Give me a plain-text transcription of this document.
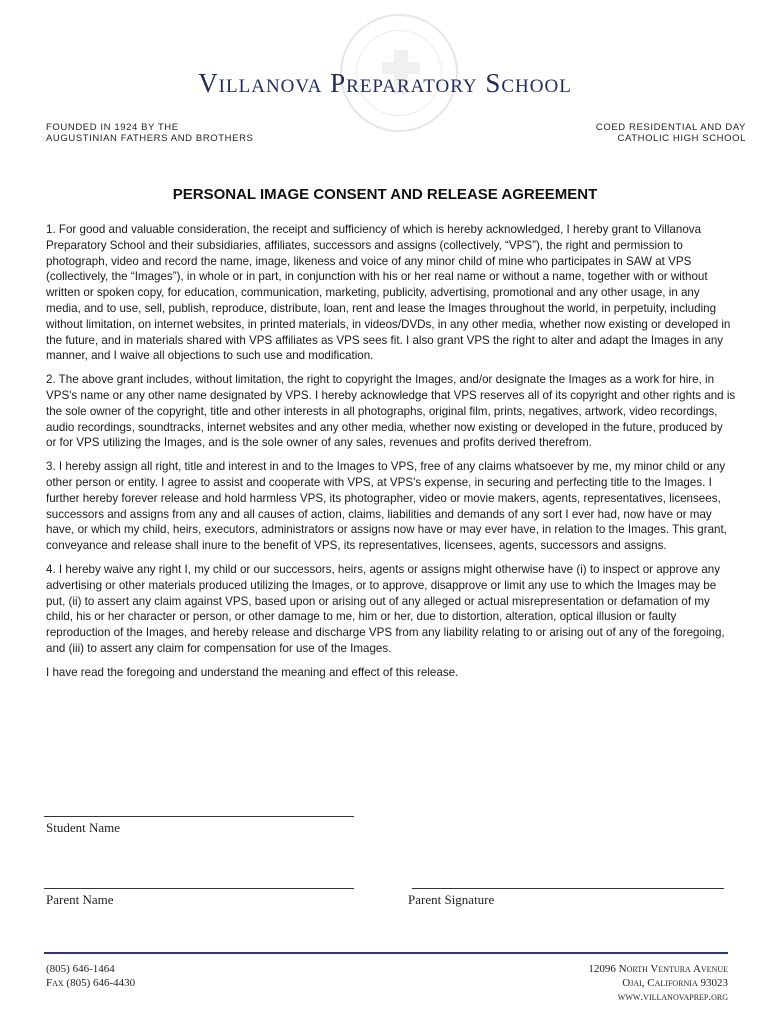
Villanova Preparatory School
FOUNDED IN 1924 BY THE
AUGUSTINIAN FATHERS AND BROTHERS
COED RESIDENTIAL AND DAY
CATHOLIC HIGH SCHOOL
PERSONAL IMAGE CONSENT AND RELEASE AGREEMENT

1. For good and valuable consideration, the receipt and sufficiency of which is hereby acknowledged, I hereby grant to Villanova Preparatory School and their subsidiaries, affiliates, successors and assigns (collectively, “VPS”), the right and permission to photograph, video and record the name, image, likeness and voice of any minor child of mine who participates in SAW at VPS (collectively, the “Images”), in whole or in part, in conjunction with his or her real name or without a name, together with or without written or spoken copy, for education, communication, marketing, publicity, advertising, promotional and any other usage, in any media, and to use, sell, publish, reproduce, distribute, loan, rent and lease the Images throughout the world, in perpetuity, including without limitation, on internet websites, in printed materials, in videos/DVDs, in any other media, whether now existing or developed in the future, and in materials shared with VPS affiliates as VPS sees fit. I also grant VPS the right to alter and adapt the Images in any manner, and I waive all objections to such use and modification.

2. The above grant includes, without limitation, the right to copyright the Images, and/or designate the Images as a work for hire, in VPS's name or any other name designated by VPS. I hereby acknowledge that VPS reserves all of its copyright and other rights and is the sole owner of the copyright, title and other interests in all photographs, original film, prints, negatives, artwork, video recordings, audio recordings, soundtracks, internet websites and any other media, whether now existing or developed in the future, produced by or for VPS utilizing the Images, and is the sole owner of any sales, revenues and profits derived therefrom.

3. I hereby assign all right, title and interest in and to the Images to VPS, free of any claims whatsoever by me, my minor child or any other person or entity. I agree to assist and cooperate with VPS, at VPS's expense, in securing and perfecting title to the Images. I further hereby forever release and hold harmless VPS, its photographer, video or movie makers, agents, representatives, licensees, successors and assigns from any and all causes of action, claims, liabilities and demands of any sort I ever had, now have or may have, or which my child, heirs, executors, administrators or assigns now have or may ever have, in relation to the Images. This grant, conveyance and release shall inure to the benefit of VPS, its representatives, licensees, agents, successors and assigns.

4. I hereby waive any right I, my child or our successors, heirs, agents or assigns might otherwise have (i) to inspect or approve any advertising or other materials produced utilizing the Images, or to approve, disapprove or limit any use to which the Images may be put, (ii) to assert any claim against VPS, based upon or arising out of any alleged or actual misrepresentation or defamation of my child, his or her character or person, or other damage to me, him or her, due to distortion, alteration, optical illusion or faulty reproduction of the Images, and hereby release and discharge VPS from any liability relating to or arising out of any of the foregoing, and (iii) to assert any claim for compensation for use of the Images.

I have read the foregoing and understand the meaning and effect of this release.

Student Name
Parent Name	Parent Signature
(805) 646-1464
Fax (805) 646-4430
12096 North Ventura Avenue
Ojai, California 93023
www.villanovaprep.org
